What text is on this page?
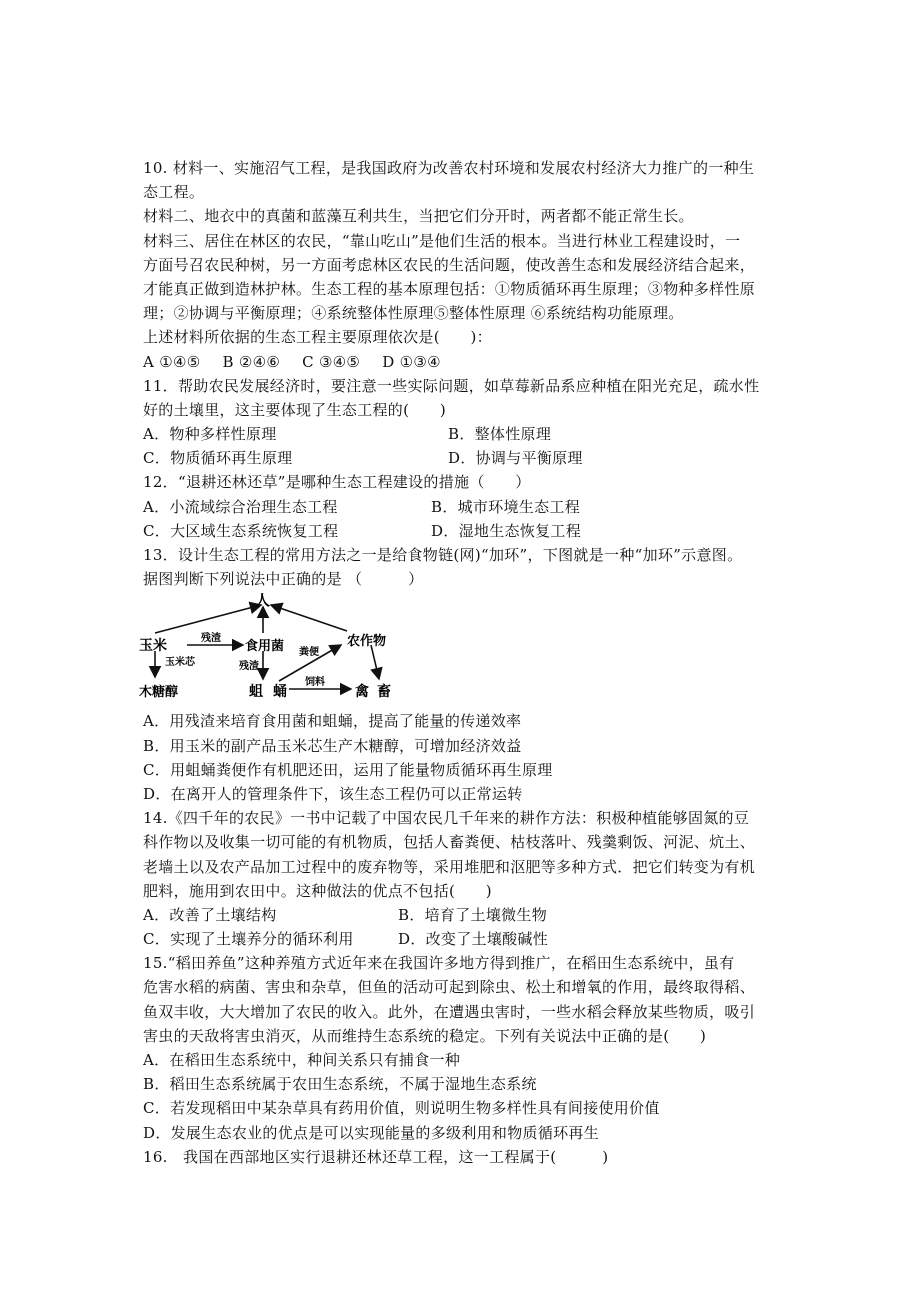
10. 材料一、实施沼气工程，是我国政府为改善农村环境和发展农村经济大力推广的一种生
态工程。
材料二、地衣中的真菌和蓝藻互利共生，当把它们分开时，两者都不能正常生长。
材料三、居住在林区的农民，“靠山吃山”是他们生活的根本。当进行林业工程建设时，一
方面号召农民种树，另一方面考虑林区农民的生活问题，使改善生态和发展经济结合起来，
才能真正做到造林护林。生态工程的基本原理包括：①物质循环再生原理；③物种多样性原
理；②协调与平衡原理；④系统整体性原理⑤整体性原理 ⑥系统结构功能原理。
上述材料所依据的生态工程主要原理依次是(　　)：
A ①④⑤ B ②④⑥ C ③④⑤ D ①③④
11．帮助农民发展经济时，要注意一些实际问题，如草莓新品系应种植在阳光充足，疏水性
好的土壤里，这主要体现了生态工程的(　　)
A．物种多样性原理	B．整体性原理
C．物质循环再生原理	D．协调与平衡原理
12．“退耕还林还草”是哪种生态工程建设的措施（　　）
A．小流域综合治理生态工程	B．城市环境生态工程
C．大区域生态系统恢复工程	D．湿地生态恢复工程
13．设计生态工程的常用方法之一是给食物链(网)“加环”，下图就是一种“加环”示意图。
据图判断下列说法中正确的是 （　　　）
人
玉米	食用菌	农作物
木糖醇	蛆 蛹	禽 畜
残渣
玉米芯	残渣
粪便
饲料
A．用残渣来培育食用菌和蛆蛹，提高了能量的传递效率
B．用玉米的副产品玉米芯生产木糖醇，可增加经济效益
C．用蛆蛹粪便作有机肥还田，运用了能量物质循环再生原理
D．在离开人的管理条件下，该生态工程仍可以正常运转
14.《四千年的农民》一书中记载了中国农民几千年来的耕作方法：积极种植能够固氮的豆
科作物以及收集一切可能的有机物质，包括人畜粪便、枯枝落叶、残羹剩饭、河泥、炕土、
老墙土以及农产品加工过程中的废弃物等，采用堆肥和沤肥等多种方式．把它们转变为有机
肥料，施用到农田中。这种做法的优点不包括(　　)
A．改善了土壤结构	B．培育了土壤微生物
C．实现了土壤养分的循环利用	D．改变了土壤酸碱性
15.“稻田养鱼”这种养殖方式近年来在我国许多地方得到推广，在稻田生态系统中，虽有
危害水稻的病菌、害虫和杂草，但鱼的活动可起到除虫、松土和增氧的作用，最终取得稻、
鱼双丰收，大大增加了农民的收入。此外，在遭遇虫害时，一些水稻会释放某些物质，吸引
害虫的天敌将害虫消灭，从而维持生态系统的稳定。下列有关说法中正确的是(　　)
A．在稻田生态系统中，种间关系只有捕食一种
B．稻田生态系统属于农田生态系统，不属于湿地生态系统
C．若发现稻田中某杂草具有药用价值，则说明生物多样性具有间接使用价值
D．发展生态农业的优点是可以实现能量的多级利用和物质循环再生
16.　我国在西部地区实行退耕还林还草工程，这一工程属于(　　　)
